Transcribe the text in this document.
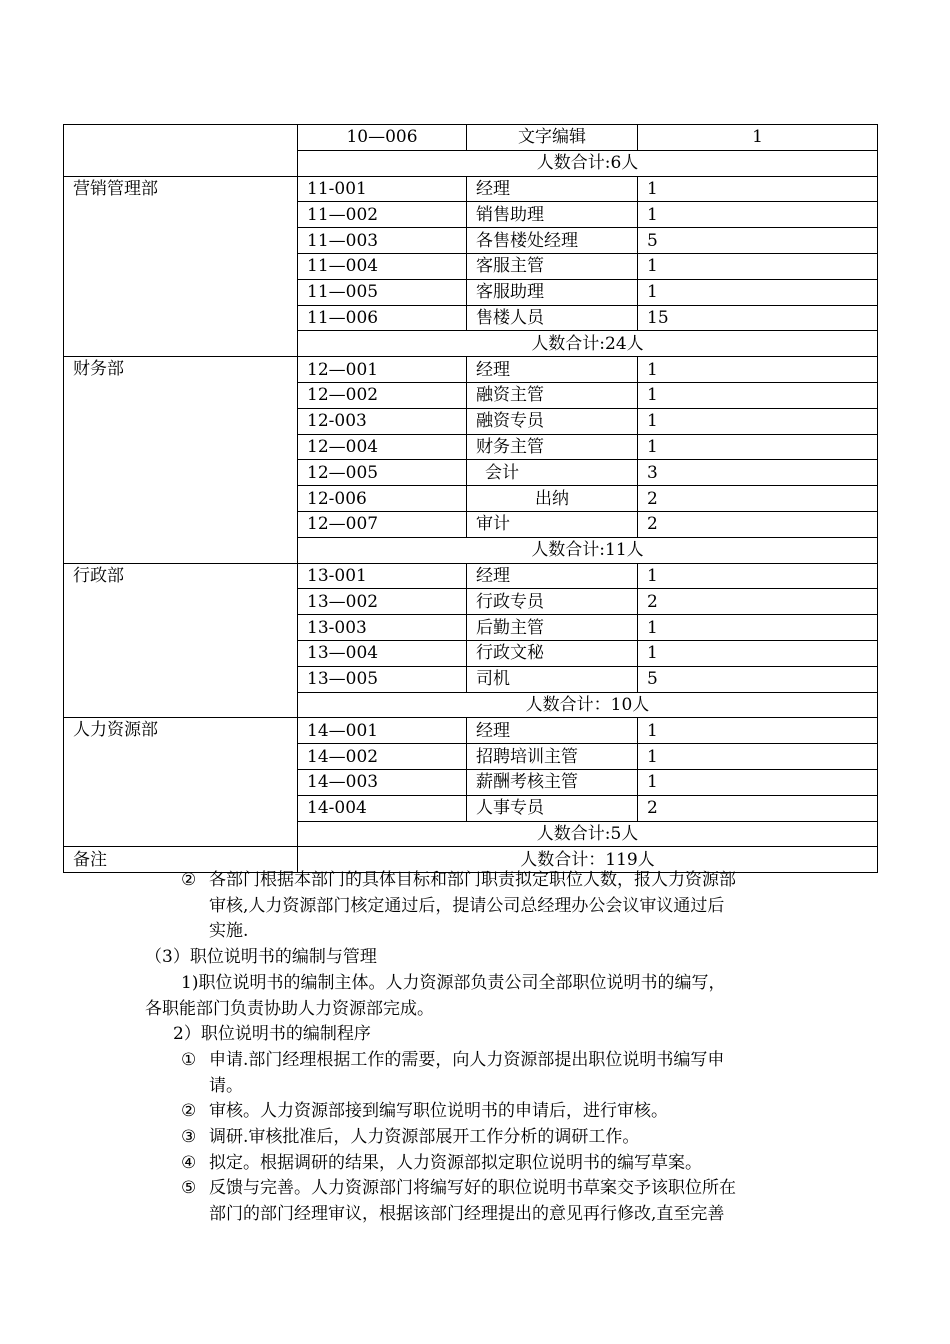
	10—006	文字编辑	1
	人数合计:6人		
营销管理部	11-001	经理	1
	11—002	销售助理	1
	11—003	各售楼处经理	5
	11—004	客服主管	1
	11—005	客服助理	1
	11—006	售楼人员	15
	人数合计:24人		
财务部	12—001	经理	1
	12—002	融资主管	1
	12-003	融资专员	1
	12—004	财务主管	1
	12—005	会计	3
	12-006	出纳	2
	12—007	审计	2
	人数合计:11人		
行政部	13-001	经理	1
	13—002	行政专员	2
	13-003	后勤主管	1
	13—004	行政文秘	1
	13—005	司机	5
	人数合计：10人		
人力资源部	14—001	经理	1
	14—002	招聘培训主管	1
	14—003	薪酬考核主管	1
	14-004	人事专员	2
	人数合计:5人		
备注	人数合计：119人		
② 各部门根据本部门的具体目标和部门职责拟定职位人数，报人力资源部
审核,人力资源部门核定通过后，提请公司总经理办公会议审议通过后
实施.
（3）职位说明书的编制与管理
1)职位说明书的编制主体。人力资源部负责公司全部职位说明书的编写，
各职能部门负责协助人力资源部完成。
2）职位说明书的编制程序
① 申请.部门经理根据工作的需要，向人力资源部提出职位说明书编写申
请。
② 审核。人力资源部接到编写职位说明书的申请后，进行审核。
③ 调研.审核批准后，人力资源部展开工作分析的调研工作。
④ 拟定。根据调研的结果，人力资源部拟定职位说明书的编写草案。
⑤ 反馈与完善。人力资源部门将编写好的职位说明书草案交予该职位所在
部门的部门经理审议，根据该部门经理提出的意见再行修改,直至完善
